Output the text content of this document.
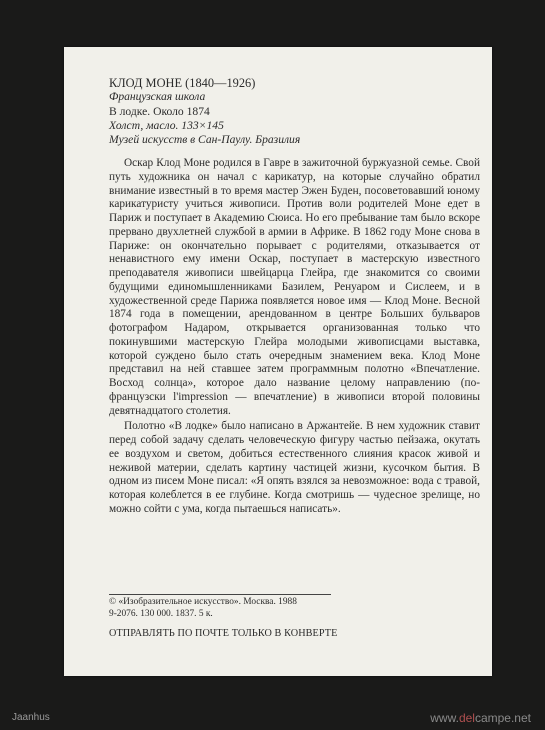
КЛОД МОНЕ (1840—1926)
Французская школа
В лодке. Около 1874
Холст, масло. 133×145
Музей искусств в Сан-Паулу. Бразилия

Оскар Клод Моне родился в Гавре в зажиточной буржуазной семье. Свой путь художника он начал с карикатур, на которые случайно обратил внимание известный в то время мастер Эжен Буден, посоветовавший юному карикатуристу учиться живописи. Против воли родителей Моне едет в Париж и поступает в Академию Сюиса. Но его пребывание там было вскоре прервано двухлетней службой в армии в Африке. В 1862 году Моне снова в Париже: он окончательно порывает с родителями, отказывается от ненавистного ему имени Оскар, поступает в мастерскую известного преподавателя живописи швейцарца Глейра, где знакомится со своими будущими единомышленниками Базилем, Ренуаром и Сислеем, и в художественной среде Парижа появляется новое имя — Клод Моне. Весной 1874 года в помещении, арендованном в центре Больших бульваров фотографом Надаром, открывается организованная только что покинувшими мастерскую Глейра молодыми живописцами выставка, которой суждено было стать очередным знамением века. Клод Моне представил на ней ставшее затем программным полотно «Впечатление. Восход солнца», которое дало название целому направлению (по-французски l'impression — впечатление) в живописи второй половины девятнадцатого столетия.

Полотно «В лодке» было написано в Аржантейе. В нем художник ставит перед собой задачу сделать человеческую фигуру частью пейзажа, окутать ее воздухом и светом, добиться естественного слияния красок живой и неживой материи, сделать картину частицей жизни, кусочком бытия. В одном из писем Моне писал: «Я опять взялся за невозможное: вода с травой, которая колеблется в ее глубине. Когда смотришь — чудесное зрелище, но можно сойти с ума, когда пытаешься написать».

© «Изобразительное искусство». Москва. 1988
9-2076. 130 000. 1837. 5 к.
ОТПРАВЛЯТЬ ПО ПОЧТЕ ТОЛЬКО В КОНВЕРТЕ
Jaanhus	www.delcampe.net
